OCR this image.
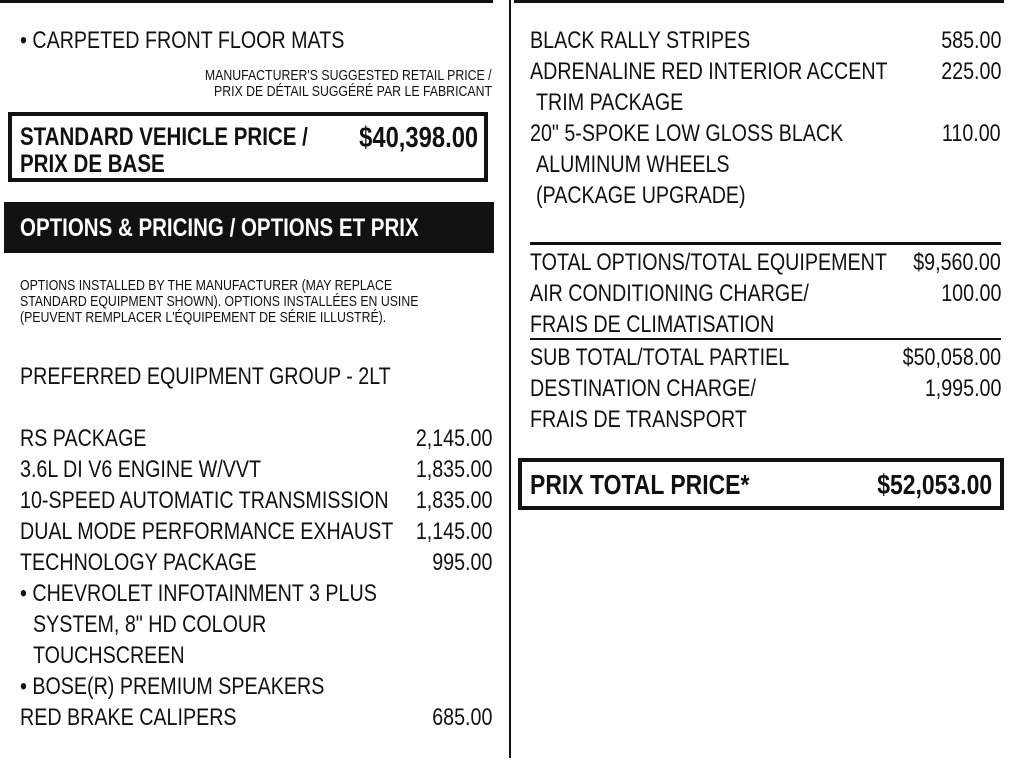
• CARPETED FRONT FLOOR MATS
MANUFACTURER'S SUGGESTED RETAIL PRICE /
PRIX DE DÉTAIL SUGGÉRÉ PAR LE FABRICANT
STANDARD VEHICLE PRICE /
PRIX DE BASE
$40,398.00
OPTIONS & PRICING / OPTIONS ET PRIX
OPTIONS INSTALLED BY THE MANUFACTURER (MAY REPLACE
STANDARD EQUIPMENT SHOWN). OPTIONS INSTALLÉES EN USINE
(PEUVENT REMPLACER L'ÉQUIPEMENT DE SÉRIE ILLUSTRÉ).
PREFERRED EQUIPMENT GROUP - 2LT
RS PACKAGE	2,145.00
3.6L DI V6 ENGINE W/VVT	1,835.00
10-SPEED AUTOMATIC TRANSMISSION 1,835.00
DUAL MODE PERFORMANCE EXHAUST 1,145.00
TECHNOLOGY PACKAGE	995.00
• CHEVROLET INFOTAINMENT 3 PLUS
SYSTEM, 8" HD COLOUR
TOUCHSCREEN
• BOSE(R) PREMIUM SPEAKERS
RED BRAKE CALIPERS	685.00
BLACK RALLY STRIPES	585.00
ADRENALINE RED INTERIOR ACCENT 225.00
TRIM PACKAGE
20" 5-SPOKE LOW GLOSS BLACK	110.00
ALUMINUM WHEELS
(PACKAGE UPGRADE)
TOTAL OPTIONS/TOTAL EQUIPEMENT $9,560.00
AIR CONDITIONING CHARGE/	100.00
FRAIS DE CLIMATISATION
SUB TOTAL/TOTAL PARTIEL	$50,058.00
DESTINATION CHARGE/	1,995.00
FRAIS DE TRANSPORT
PRIX TOTAL PRICE*	$52,053.00
